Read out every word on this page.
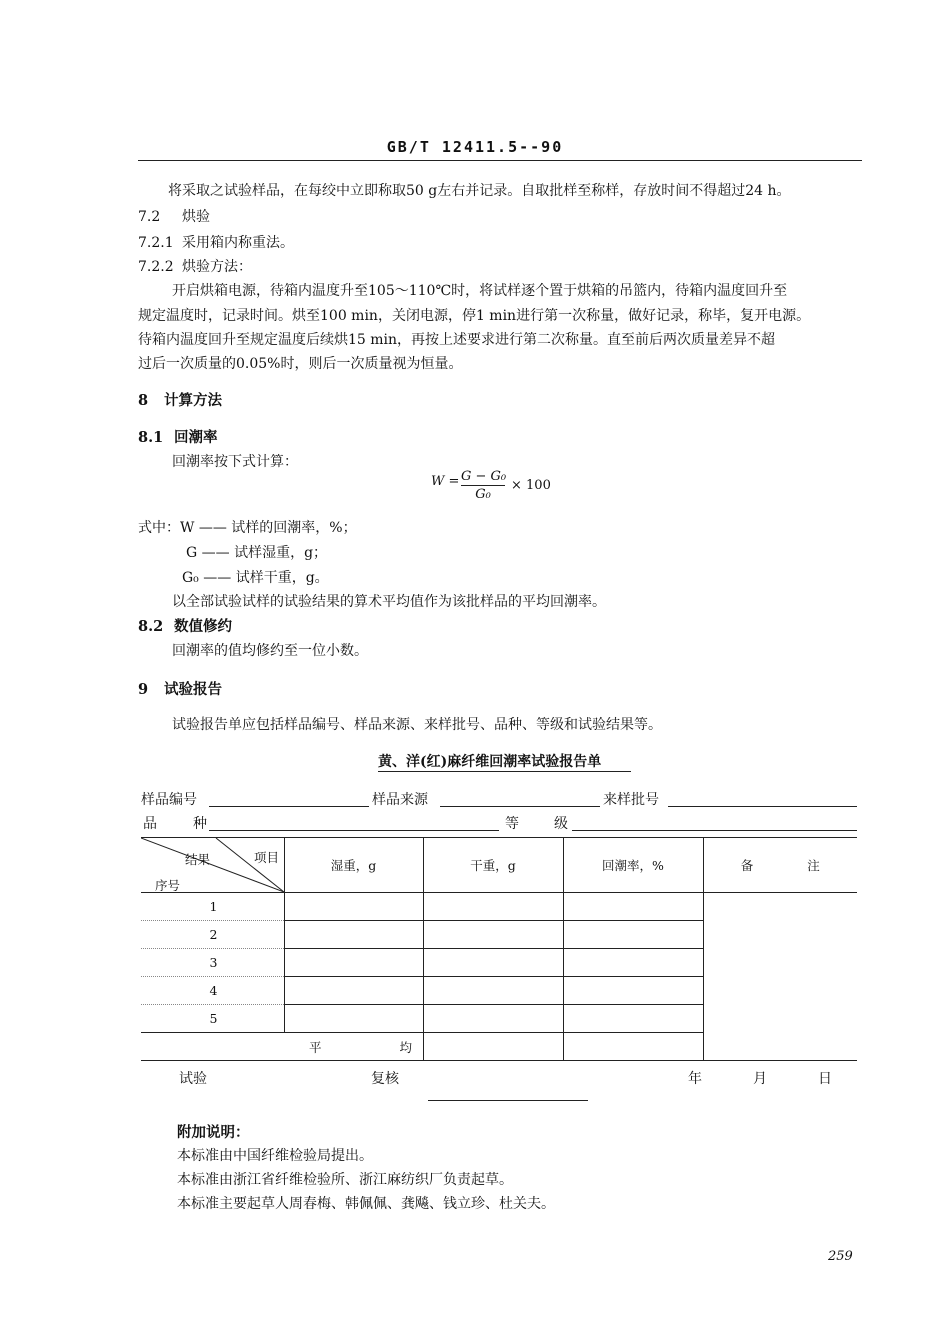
GB/T 12411.5--90
将采取之试验样品，在每绞中立即称取50 g左右并记录。自取批样至称样，存放时间不得超过24 h。
7.2 烘验
7.2.1 采用箱内称重法。
7.2.2 烘验方法：
开启烘箱电源，待箱内温度升至105～110℃时，将试样逐个置于烘箱的吊篮内，待箱内温度回升至
规定温度时，记录时间。烘至100 min，关闭电源，停1 min进行第一次称量，做好记录，称毕，复开电源。
待箱内温度回升至规定温度后续烘15 min，再按上述要求进行第二次称量。直至前后两次质量差异不超
过后一次质量的0.05%时，则后一次质量视为恒量。
8 计算方法
8.1 回潮率
回潮率按下式计算：
$W = \frac{\text{G − G₀}}{\text{G₀}} \times 100$
式中：W —— 试样的回潮率，%；
G —— 试样湿重，g；
G₀ —— 试样干重，g。
以全部试验试样的试验结果的算术平均值作为该批样品的平均回潮率。
8.2 数值修约
回潮率的值均修约至一位小数。
9 试验报告
试验报告单应包括样品编号、样品来源、来样批号、品种、等级和试验结果等。
黄、洋(红)麻纤维回潮率试验报告单
样品编号	样品来源	来样批号
品	种	等	级
结果 项目
序号	湿重，g	干重，g	回潮率，%	备 注
1				
2				
3				
4				
5				
平 均				
试验	复核	年	月	日
附加说明：
本标准由中国纤维检验局提出。
本标准由浙江省纤维检验所、浙江麻纺织厂负责起草。
本标准主要起草人周春梅、韩佩佩、龚飚、钱立珍、杜关夫。
259
